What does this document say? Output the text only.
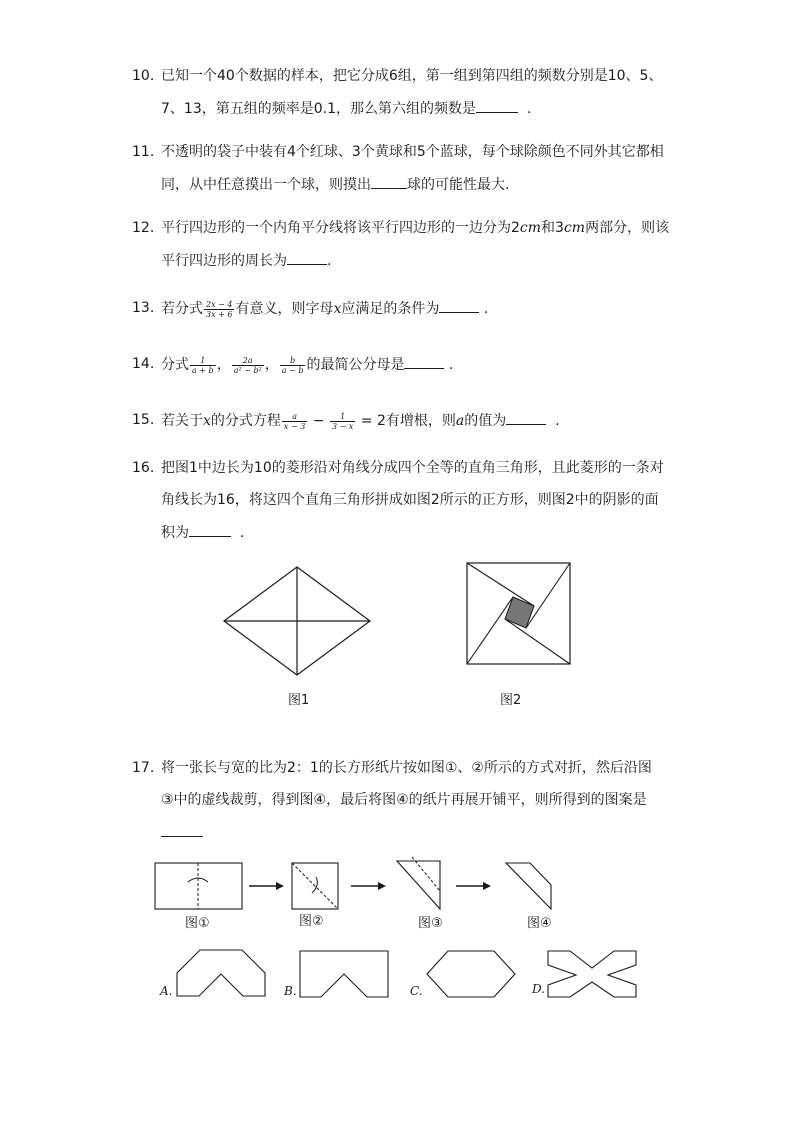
10. 已知一个40个数据的样本，把它分成6组，第一组到第四组的频数分别是10、5、
7、13，第五组的频率是0.1，那么第六组的频数是	.
11. 不透明的袋子中装有4个红球、3个黄球和5个蓝球，每个球除颜色不同外其它都相
同，从中任意摸出一个球，则摸出	球的可能性最大.
12. 平行四边形的一个内角平分线将该平行四边形的一边分为2cm和3cm两部分，则该
平行四边形的周长为	.
13. 若分式 $\frac{2x - 4}{3x + 6}$ 有意义，则字母x应满足的条件为	.
14. 分式 $\frac{1}{a + b}$ ， $\frac{2a}{\text{a² − b²}}$ ， $\frac{b}{a - b}$ 的最简公分母是	.
15. 若关于x的分式方程 $\frac{a}{x - 3} - \frac{1}{3 - x} = 2$有增根，则a的值为	.
16. 把图1中边长为10的菱形沿对角线分成四个全等的直角三角形，且此菱形的一条对
角线长为16，将这四个直角三角形拼成如图2所示的正方形，则图2中的阴影的面
积为	.
图1	图2
17. 将一张长与宽的比为2：1的长方形纸片按如图①、②所示的方式对折，然后沿图
③中的虚线裁剪，得到图④，最后将图④的纸片再展开铺平，则所得到的图案是
图①	图②	图③	图④
A.	B.	C.	D.
